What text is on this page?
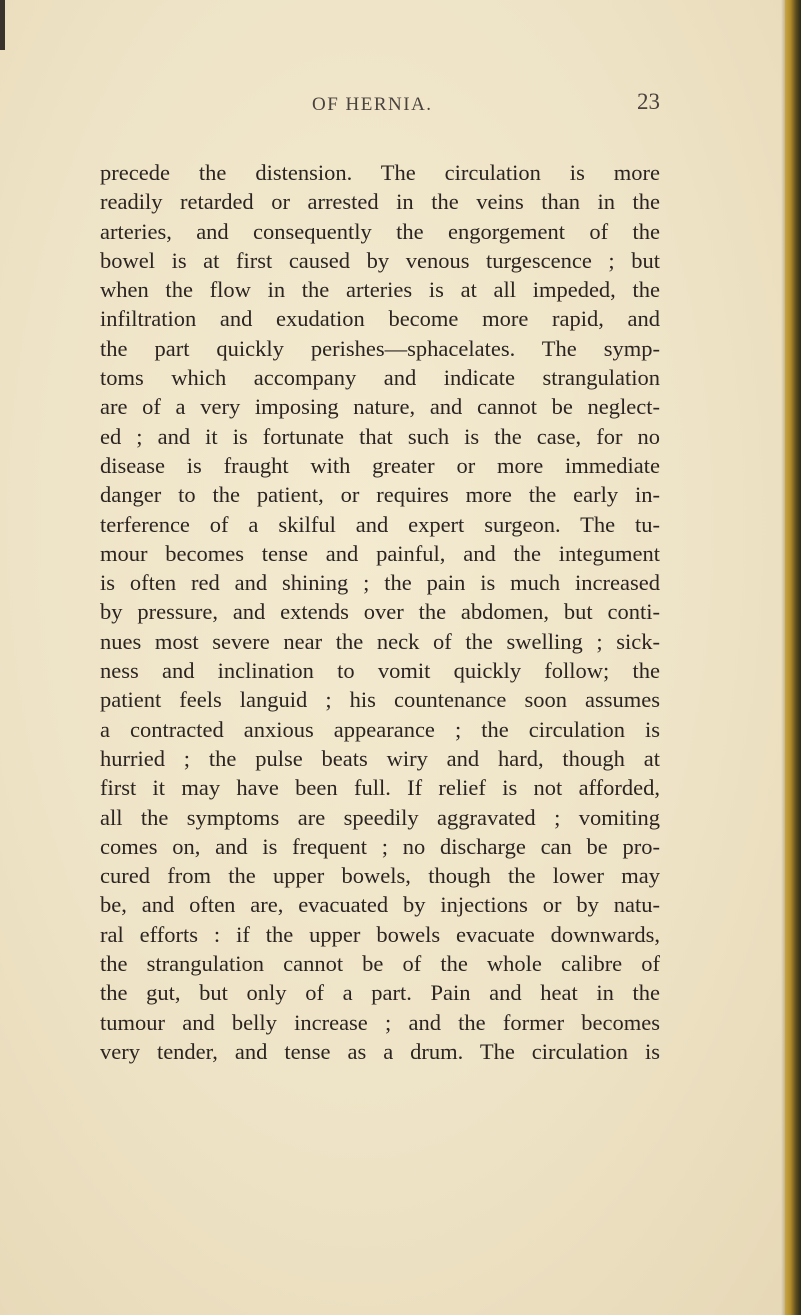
OF HERNIA.	23
precede the distension. The circulation is more
readily retarded or arrested in the veins than in the
arteries, and consequently the engorgement of the
bowel is at first caused by venous turgescence ; but
when the flow in the arteries is at all impeded, the
infiltration and exudation become more rapid, and
the part quickly perishes—sphacelates. The symp-
toms which accompany and indicate strangulation
are of a very imposing nature, and cannot be neglect-
ed ; and it is fortunate that such is the case, for no
disease is fraught with greater or more immediate
danger to the patient, or requires more the early in-
terference of a skilful and expert surgeon. The tu-
mour becomes tense and painful, and the integument
is often red and shining ; the pain is much increased
by pressure, and extends over the abdomen, but conti-
nues most severe near the neck of the swelling ; sick-
ness and inclination to vomit quickly follow; the
patient feels languid ; his countenance soon assumes
a contracted anxious appearance ; the circulation is
hurried ; the pulse beats wiry and hard, though at
first it may have been full. If relief is not afforded,
all the symptoms are speedily aggravated ; vomiting
comes on, and is frequent ; no discharge can be pro-
cured from the upper bowels, though the lower may
be, and often are, evacuated by injections or by natu-
ral efforts : if the upper bowels evacuate downwards,
the strangulation cannot be of the whole calibre of
the gut, but only of a part. Pain and heat in the
tumour and belly increase ; and the former becomes
very tender, and tense as a drum. The circulation is
